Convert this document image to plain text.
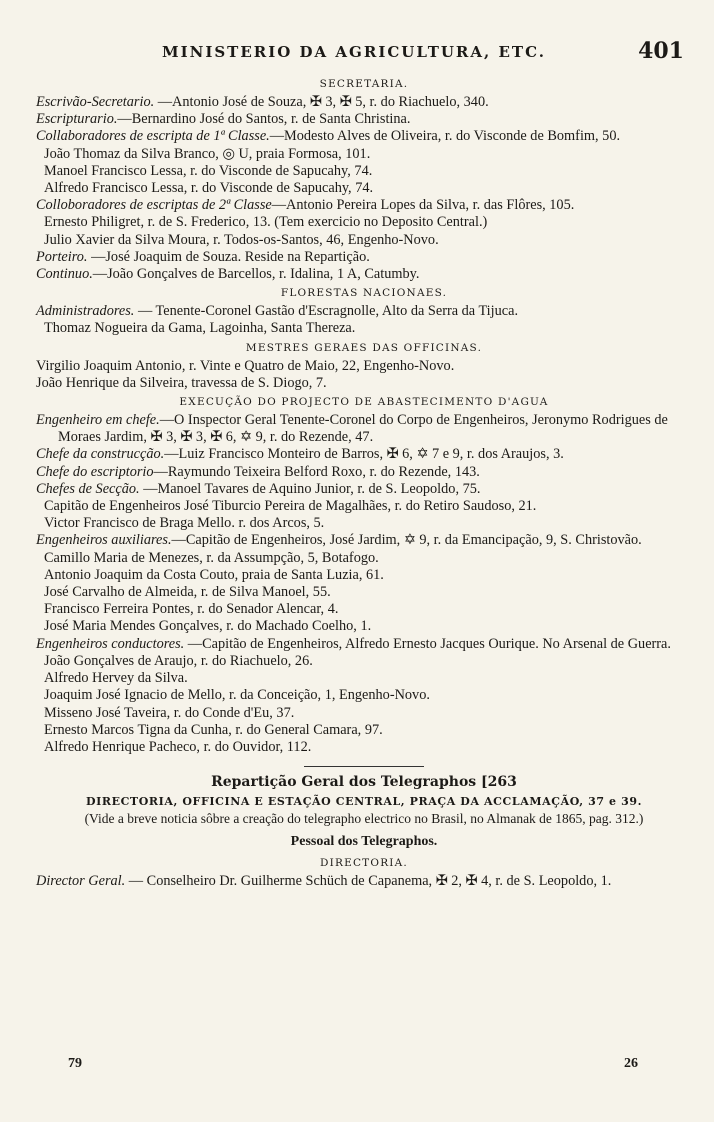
MINISTERIO DA AGRICULTURA, ETC.	401
SECRETARIA.

Escrivão-Secretario. —Antonio José de Souza, ✠ 3, ✠ 5, r. do Riachuelo, 340.

Escripturario.—Bernardino José do Santos, r. de Santa Christina.

Collaboradores de escripta de 1ª Classe.—Modesto Alves de Oliveira, r. do Visconde de Bomfim, 50.

João Thomaz da Silva Branco, ◎ U, praia Formosa, 101.

Manoel Francisco Lessa, r. do Visconde de Sapucahy, 74.

Alfredo Francisco Lessa, r. do Visconde de Sapucahy, 74.

Colloboradores de escriptas de 2ª Classe—Antonio Pereira Lopes da Silva, r. das Flôres, 105.

Ernesto Philigret, r. de S. Frederico, 13. (Tem exercicio no Deposito Central.)

Julio Xavier da Silva Moura, r. Todos-os-Santos, 46, Engenho-Novo.

Porteiro. —José Joaquim de Souza. Reside na Repartição.

Continuo.—João Gonçalves de Barcellos, r. Idalina, 1 A, Catumby.

FLORESTAS NACIONAES.

Administradores. — Tenente-Coronel Gastão d'Escragnolle, Alto da Serra da Tijuca.

Thomaz Nogueira da Gama, Lagoinha, Santa Thereza.

MESTRES GERAES DAS OFFICINAS.

Virgilio Joaquim Antonio, r. Vinte e Quatro de Maio, 22, Engenho-Novo.

João Henrique da Silveira, travessa de S. Diogo, 7.

EXECUÇÃO DO PROJECTO DE ABASTECIMENTO D'AGUA

Engenheiro em chefe.—O Inspector Geral Tenente-Coronel do Corpo de Engenheiros, Jeronymo Rodrigues de Moraes Jardim, ✠ 3, ✠ 3, ✠ 6, ✡ 9, r. do Rezende, 47.

Chefe da construcção.—Luiz Francisco Monteiro de Barros, ✠ 6, ✡ 7 e 9, r. dos Araujos, 3.

Chefe do escriptorio—Raymundo Teixeira Belford Roxo, r. do Rezende, 143.

Chefes de Secção. —Manoel Tavares de Aquino Junior, r. de S. Leopoldo, 75.

Capitão de Engenheiros José Tiburcio Pereira de Magalhães, r. do Retiro Saudoso, 21.

Victor Francisco de Braga Mello. r. dos Arcos, 5.

Engenheiros auxiliares.—Capitão de Engenheiros, José Jardim, ✡ 9, r. da Emancipação, 9, S. Christovão.

Camillo Maria de Menezes, r. da Assumpção, 5, Botafogo.

Antonio Joaquim da Costa Couto, praia de Santa Luzia, 61.

José Carvalho de Almeida, r. de Silva Manoel, 55.

Francisco Ferreira Pontes, r. do Senador Alencar, 4.

José Maria Mendes Gonçalves, r. do Machado Coelho, 1.

Engenheiros conductores. —Capitão de Engenheiros, Alfredo Ernesto Jacques Ourique. No Arsenal de Guerra.

João Gonçalves de Araujo, r. do Riachuelo, 26.

Alfredo Hervey da Silva.

Joaquim José Ignacio de Mello, r. da Conceição, 1, Engenho-Novo.

Misseno José Taveira, r. do Conde d'Eu, 37.

Ernesto Marcos Tigna da Cunha, r. do General Camara, 97.

Alfredo Henrique Pacheco, r. do Ouvidor, 112.

Repartição Geral dos Telegraphos [263
DIRECTORIA, OFFICINA E ESTAÇÃO CENTRAL, PRAÇA DA ACCLAMAÇÃO, 37 e 39.
(Vide a breve noticia sôbre a creação do telegrapho electrico no Brasil, no Almanak de 1865, pag. 312.)
Pessoal dos Telegraphos.
DIRECTORIA.

Director Geral. — Conselheiro Dr. Guilherme Schüch de Capanema, ✠ 2, ✠ 4, r. de S. Leopoldo, 1.

79	26
